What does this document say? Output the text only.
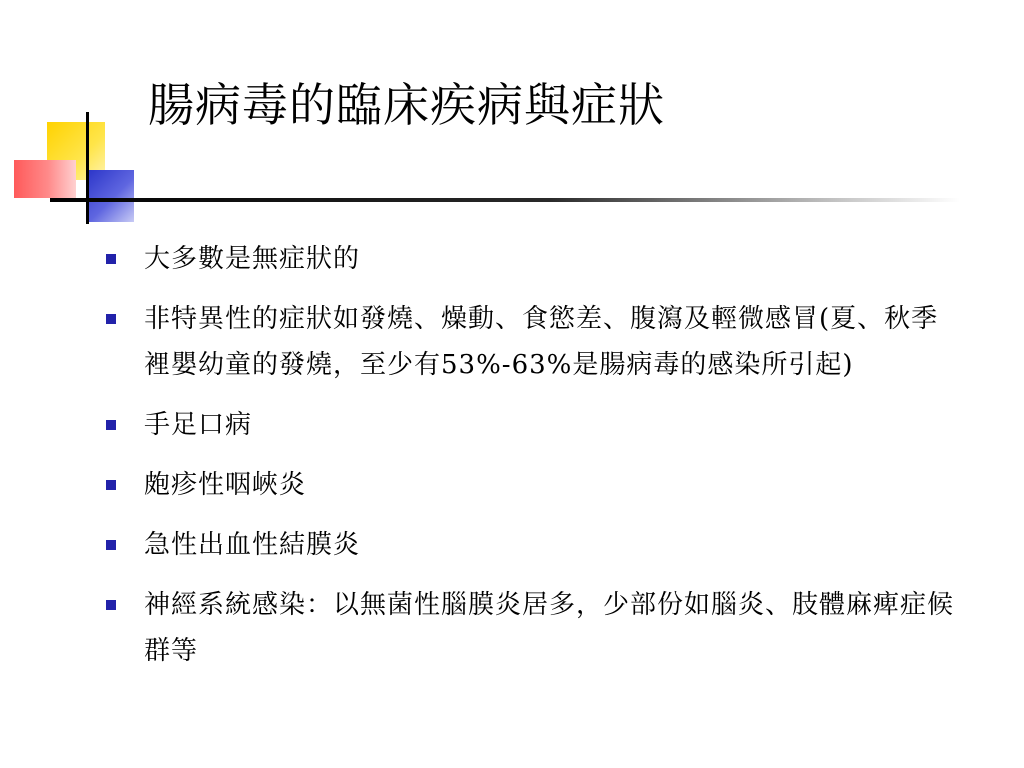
腸病毒的臨床疾病與症狀
大多數是無症狀的
非特異性的症狀如發燒、燥動、食慾差、腹瀉及輕微感冒(夏、秋季裡嬰幼童的發燒，至少有53%-63%是腸病毒的感染所引起)
手足口病
皰疹性咽峽炎
急性出血性結膜炎
神經系統感染：以無菌性腦膜炎居多，少部份如腦炎、肢體麻痺症候群等
